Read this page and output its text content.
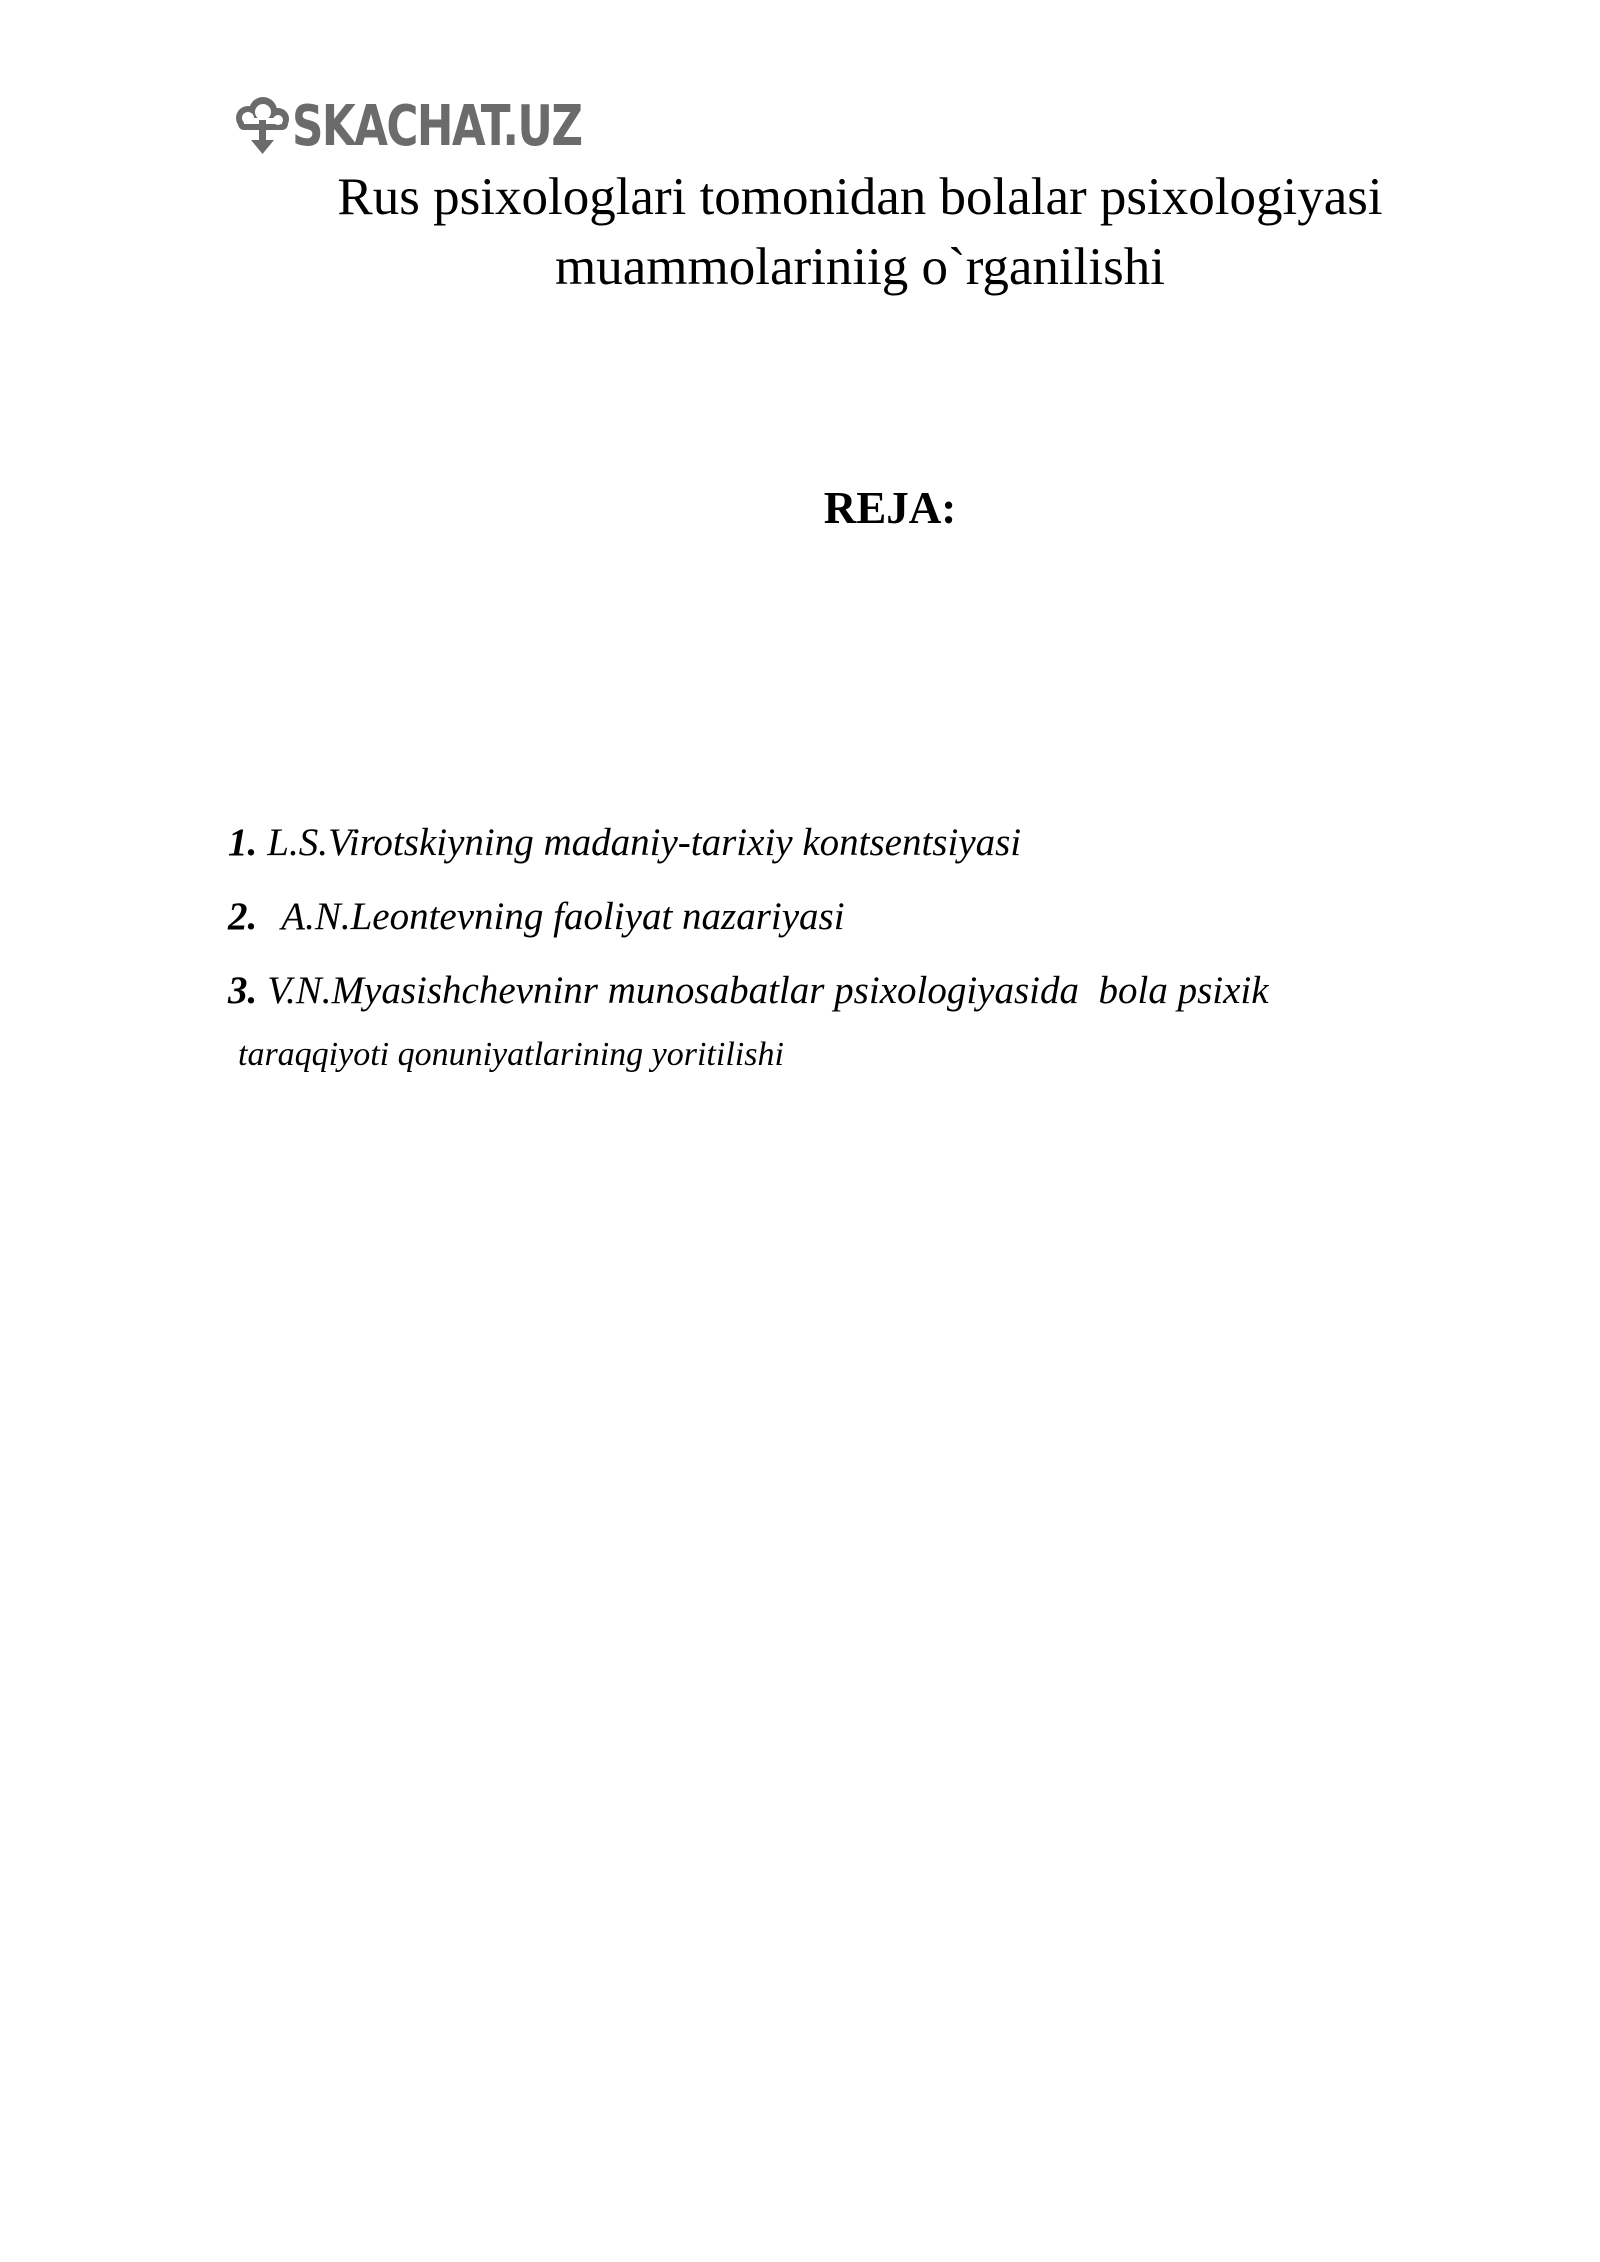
SKACHAT.UZ
Rus psixologlari tomonidan bolalar psixologiyasi
muammolariniig o`rganilishi
REJA:
1. L.S.Virotskiyning madaniy-tarixiy kontsentsiyasi
2. A.N.Leontevning faoliyat nazariyasi
3. V.N.Myasishchevninr munosabatlar psixologiyasida  bola psixik
taraqqiyoti qonuniyatlarining yoritilishi
